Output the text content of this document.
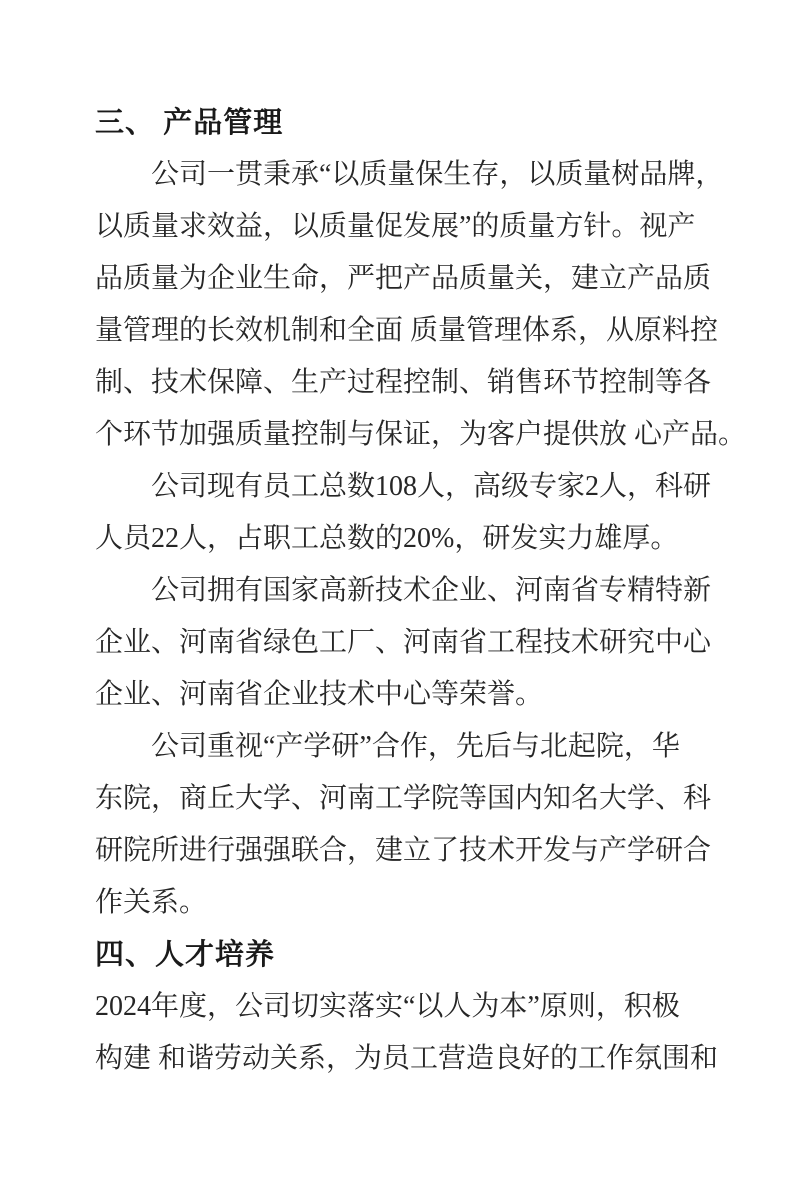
三、 产品管理
公司一贯秉承“以质量保生存，以质量树品牌，
以质量求效益，以质量促发展”的质量方针。视产
品质量为企业生命，严把产品质量关，建立产品质
量管理的长效机制和全面 质量管理体系，从原料控
制、技术保障、生产过程控制、销售环节控制等各
个环节加强质量控制与保证，为客户提供放 心产品。
公司现有员工总数108人，高级专家2人，科研
人员22人，占职工总数的20%，研发实力雄厚。
公司拥有国家高新技术企业、河南省专精特新
企业、河南省绿色工厂、河南省工程技术研究中心
企业、河南省企业技术中心等荣誉。
公司重视“产学研”合作，先后与北起院，华
东院，商丘大学、河南工学院等国内知名大学、科
研院所进行强强联合，建立了技术开发与产学研合
作关系。
四、人才培养
2024年度，公司切实落实“以人为本”原则，积极
构建 和谐劳动关系，为员工营造良好的工作氛围和
